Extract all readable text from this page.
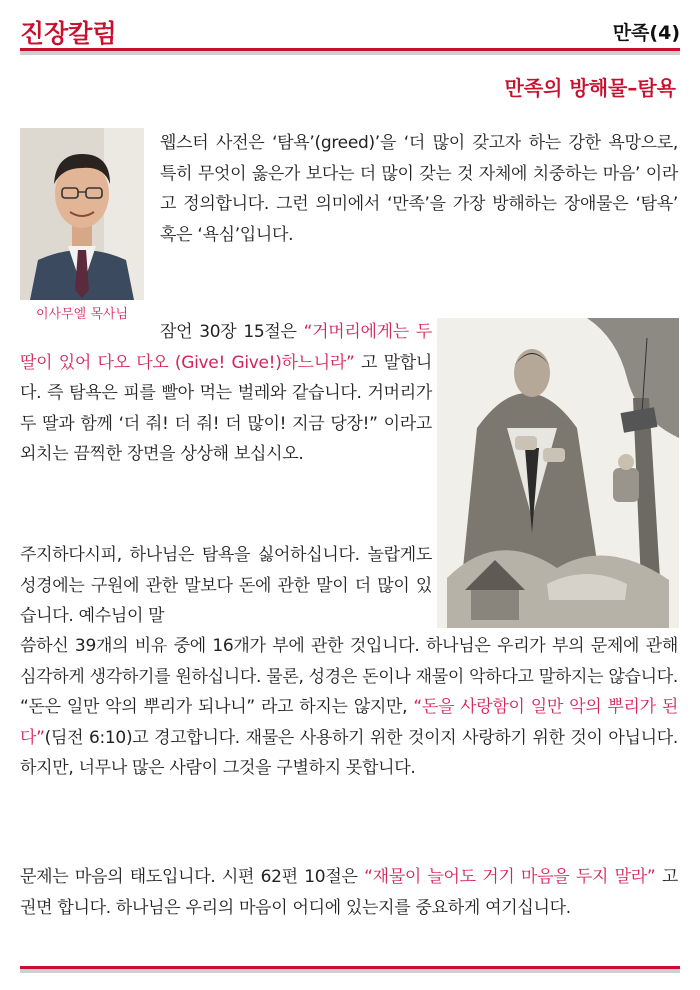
진장칼럼	만족(4)
만족의 방해물–탐욕
이사무엘 목사님

웹스터 사전은 ‘탐욕’(greed)’을 ‘더 많이 갖고자 하는 강한 욕망으로, 특히 무엇이 옳은가 보다는 더 많이 갖는 것 자체에 치중하는 마음’ 이라고 정의합니다. 그런 의미에서 ‘만족’을 가장 방해하는 장애물은 ‘탐욕’ 혹은 ‘욕심’입니다.

잠언 30장 15절은 “거머리에게는 두 딸이 있어 다오 다오 (Give! Give!)하느니라” 고 말합니다. 즉 탐욕은 피를 빨아 먹는 벌레와 같습니다. 거머리가 두 딸과 함께 ‘더 줘! 더 줘! 더 많이! 지금 당장!” 이라고 외치는 끔찍한 장면을 상상해 보십시오.

주지하다시피, 하나님은 탐욕을 싫어하십니다. 놀랍게도 성경에는 구원에 관한 말보다 돈에 관한 말이 더 많이 있습니다. 예수님이 말

씀하신 39개의 비유 중에 16개가 부에 관한 것입니다. 하나님은 우리가 부의 문제에 관해 심각하게 생각하기를 원하십니다. 물론, 성경은 돈이나 재물이 악하다고 말하지는 않습니다. “돈은 일만 악의 뿌리가 되나니” 라고 하지는 않지만, “돈을 사랑함이 일만 악의 뿌리가 된다”(딤전 6:10)고 경고합니다. 재물은 사용하기 위한 것이지 사랑하기 위한 것이 아닙니다. 하지만, 너무나 많은 사람이 그것을 구별하지 못합니다.

문제는 마음의 태도입니다. 시편 62편 10절은 “재물이 늘어도 거기 마음을 두지 말라” 고 권면 합니다. 하나님은 우리의 마음이 어디에 있는지를 중요하게 여기십니다.
